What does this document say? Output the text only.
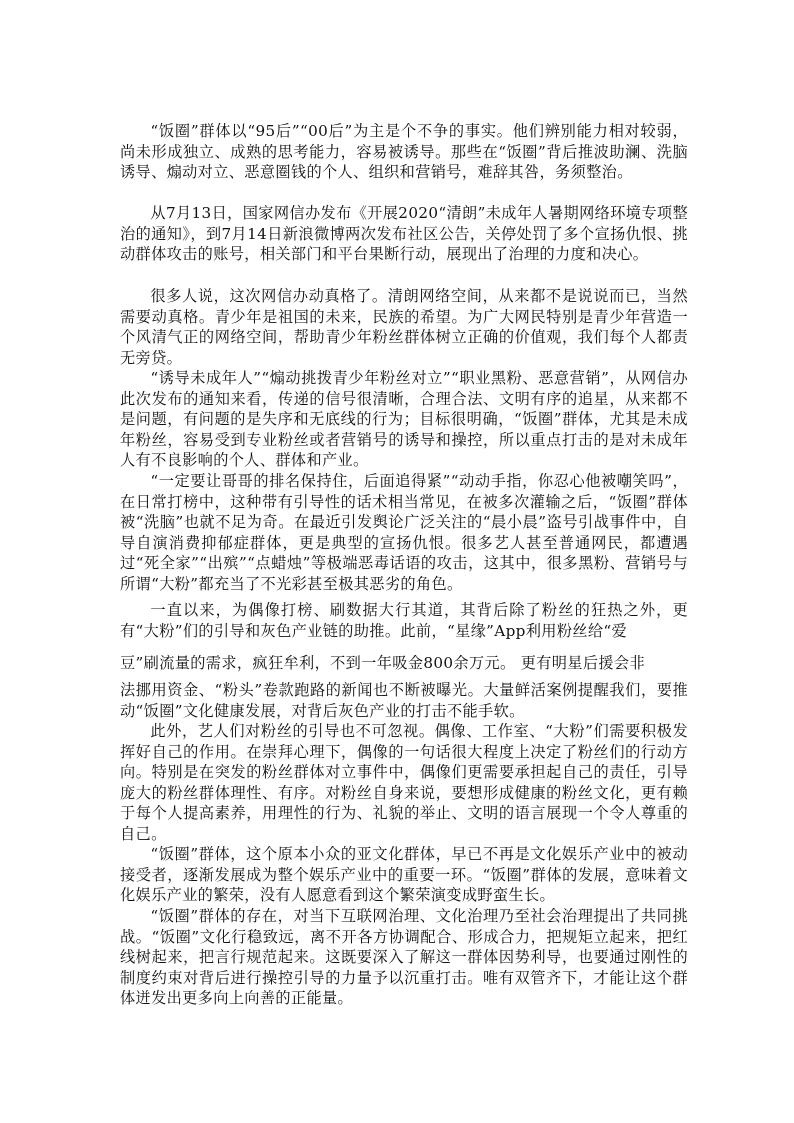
“饭圈”群体以“95后”“00后”为主是个不争的事实。他们辨别能力相对较弱，尚未形成独立、成熟的思考能力，容易被诱导。那些在“饭圈”背后推波助澜、洗脑诱导、煽动对立、恶意圈钱的个人、组织和营销号，难辞其咎，务须整治。

从7月13日，国家网信办发布《开展2020“清朗”未成年人暑期网络环境专项整治的通知》，到7月14日新浪微博两次发布社区公告，关停处罚了多个宣扬仇恨、挑动群体攻击的账号，相关部门和平台果断行动，展现出了治理的力度和决心。

很多人说，这次网信办动真格了。清朗网络空间，从来都不是说说而已，当然需要动真格。青少年是祖国的未来，民族的希望。为广大网民特别是青少年营造一个风清气正的网络空间，帮助青少年粉丝群体树立正确的价值观，我们每个人都责无旁贷。

“诱导未成年人”“煽动挑拨青少年粉丝对立”“职业黑粉、恶意营销”，从网信办此次发布的通知来看，传递的信号很清晰，合理合法、文明有序的追星，从来都不是问题，有问题的是失序和无底线的行为；目标很明确，“饭圈”群体，尤其是未成年粉丝，容易受到专业粉丝或者营销号的诱导和操控，所以重点打击的是对未成年人有不良影响的个人、群体和产业。

“一定要让哥哥的排名保持住，后面追得紧”“动动手指，你忍心他被嘲笑吗”，在日常打榜中，这种带有引导性的话术相当常见，在被多次灌输之后，“饭圈”群体被“洗脑”也就不足为奇。在最近引发舆论广泛关注的“晨小晨”盗号引战事件中，自导自演消费抑郁症群体，更是典型的宣扬仇恨。很多艺人甚至普通网民，都遭遇过“死全家”“出殡”“点蜡烛”等极端恶毒话语的攻击，这其中，很多黑粉、营销号与所谓“大粉”都充当了不光彩甚至极其恶劣的角色。

一直以来，为偶像打榜、刷数据大行其道，其背后除了粉丝的狂热之外，更有“大粉”们的引导和灰色产业链的助推。此前，“星缘”App利用粉丝给“爱

豆”刷流量的需求，疯狂牟利，不到一年吸金800余万元。 更有明星后援会非

法挪用资金、“粉头”卷款跑路的新闻也不断被曝光。大量鲜活案例提醒我们，要推动“饭圈”文化健康发展，对背后灰色产业的打击不能手软。

此外，艺人们对粉丝的引导也不可忽视。偶像、工作室、“大粉”们需要积极发挥好自己的作用。在崇拜心理下，偶像的一句话很大程度上决定了粉丝们的行动方向。特别是在突发的粉丝群体对立事件中，偶像们更需要承担起自己的责任，引导庞大的粉丝群体理性、有序。对粉丝自身来说，要想形成健康的粉丝文化，更有赖于每个人提高素养，用理性的行为、礼貌的举止、文明的语言展现一个令人尊重的自己。

“饭圈”群体，这个原本小众的亚文化群体，早已不再是文化娱乐产业中的被动接受者，逐渐发展成为整个娱乐产业中的重要一环。“饭圈”群体的发展，意味着文化娱乐产业的繁荣，没有人愿意看到这个繁荣演变成野蛮生长。

“饭圈”群体的存在，对当下互联网治理、文化治理乃至社会治理提出了共同挑战。“饭圈”文化行稳致远，离不开各方协调配合、形成合力，把规矩立起来，把红线树起来，把言行规范起来。这既要深入了解这一群体因势利导，也要通过刚性的制度约束对背后进行操控引导的力量予以沉重打击。唯有双管齐下，才能让这个群体迸发出更多向上向善的正能量。
